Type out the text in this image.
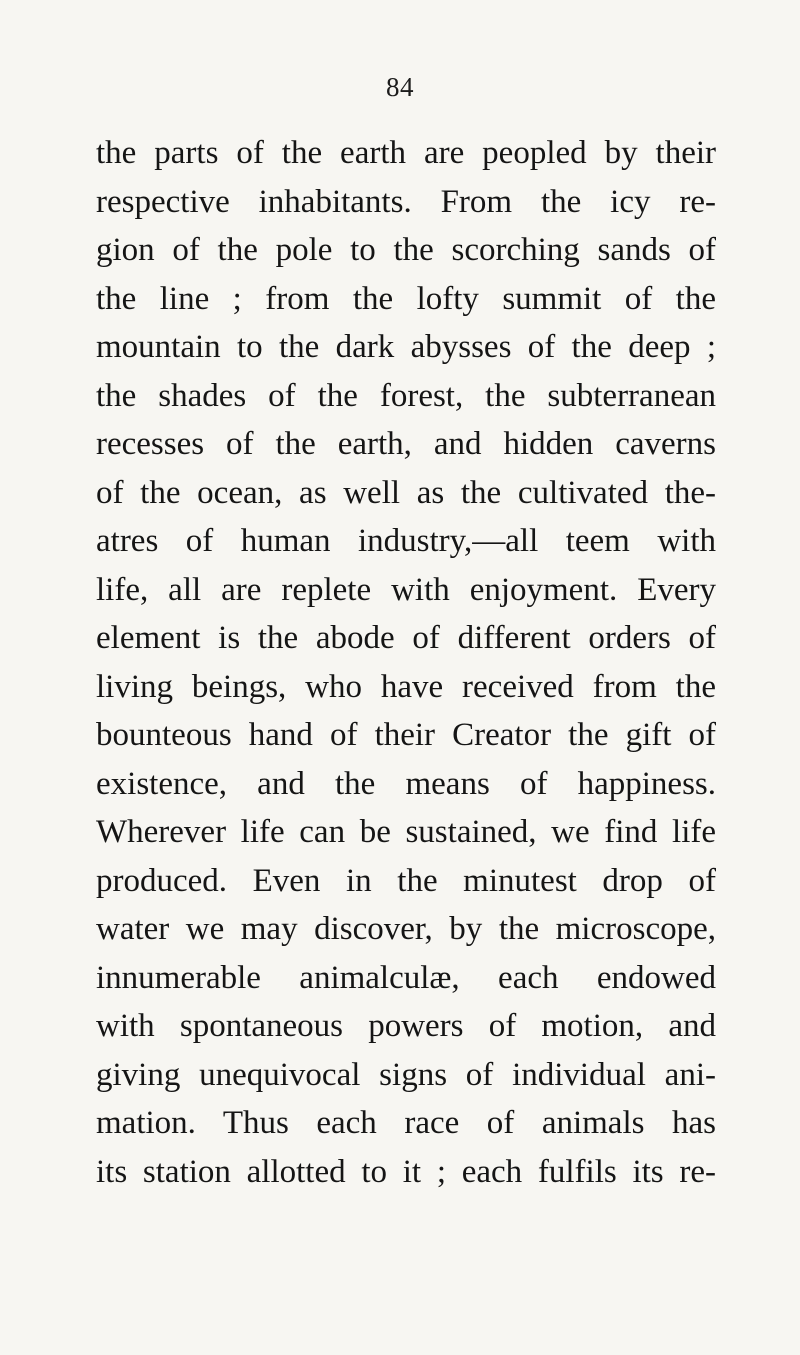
84
the parts of the earth are peopled by their
respective inhabitants. From the icy re-
gion of the pole to the scorching sands of
the line ; from the lofty summit of the
mountain to the dark abysses of the deep ;
the shades of the forest, the subterranean
recesses of the earth, and hidden caverns
of the ocean, as well as the cultivated the-
atres of human industry,—all teem with
life, all are replete with enjoyment. Every
element is the abode of different orders of
living beings, who have received from the
bounteous hand of their Creator the gift of
existence, and the means of happiness.
Wherever life can be sustained, we find life
produced. Even in the minutest drop of
water we may discover, by the microscope,
innumerable animalculæ, each endowed
with spontaneous powers of motion, and
giving unequivocal signs of individual ani-
mation. Thus each race of animals has
its station allotted to it ; each fulfils its re-
